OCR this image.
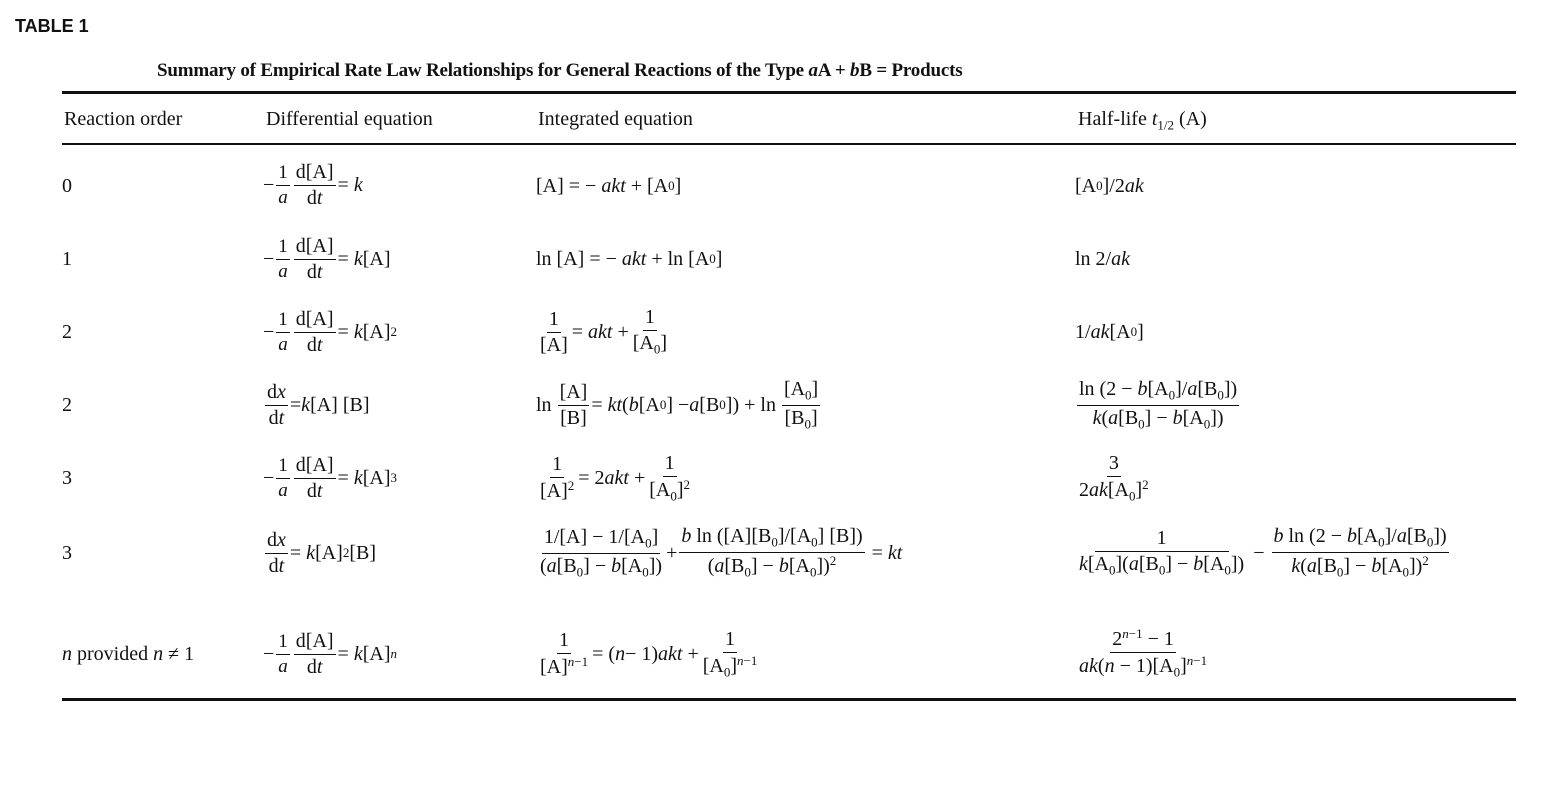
TABLE 1
Summary of Empirical Rate Law Relationships for General Reactions of the Type aA + bB = Products
Reaction order	Differential equation	Integrated equation	Half-life $t_{1/2}$ (A)
0	− $\frac{1}{a} \frac{d[A]}{dt} = k$	[A] = − akt + [A 0 ]	[A 0 ]/2 ak
1	− $\frac{1}{a} \frac{d[A]}{dt} = k$ [A]	ln [A] = − akt + ln [A 0 ]	ln 2/ ak
2	− $\frac{1}{a} \frac{d[A]}{dt} = k$ [A] 2	$\frac{1}{[A]}$ = akt + $\frac{1}{[A_0]}$	1/ ak [A 0 ]
2	$\frac{dx}{dt} = k$ [A] [B]	$\ln \frac{[A]}{[B]}$ = kt ( b [A 0 ] − a [B 0 ]) + $\ln \frac{[A_0]}{[B_0]}$	$\frac{\ln (2 - b[A_0]/a[B_0])}{k(a[B_0] - b[A_0])}$
3	− $\frac{1}{a} \frac{d[A]}{dt} = k$ [A] 3	$\frac{1}{[A]^2} = 2$ akt + $\frac{1}{[A_0]^2}$	$\frac{3}{2ak[A_0]^2}$
3	$\frac{dx}{dt} = k$ [A] 2 [B]	$\frac{1/[A] - 1/[A_0]}{(a[B_0] - b[A_0])} + \frac{b \ln ([A][B_0]/[A_0] [B])}{(a[B_0] - b[A_0])^2}$ = kt	$\frac{1}{k[A_0](a[B_0] - b[A_0])} - \frac{b \ln (2 - b[A_0]/a[B_0])}{k(a[B_0] - b[A_0])^2}$
n provided n ≠ 1	− $\frac{1}{a} \frac{d[A]}{dt} = k$ [A] n	$\frac{1}{[A]^{n-1}}$ = ( n − 1) akt + $\frac{1}{[A_0]^{n-1}}$	$\frac{2^{n-1} - 1}{ak(n - 1)[A_0]^{n-1}}$
